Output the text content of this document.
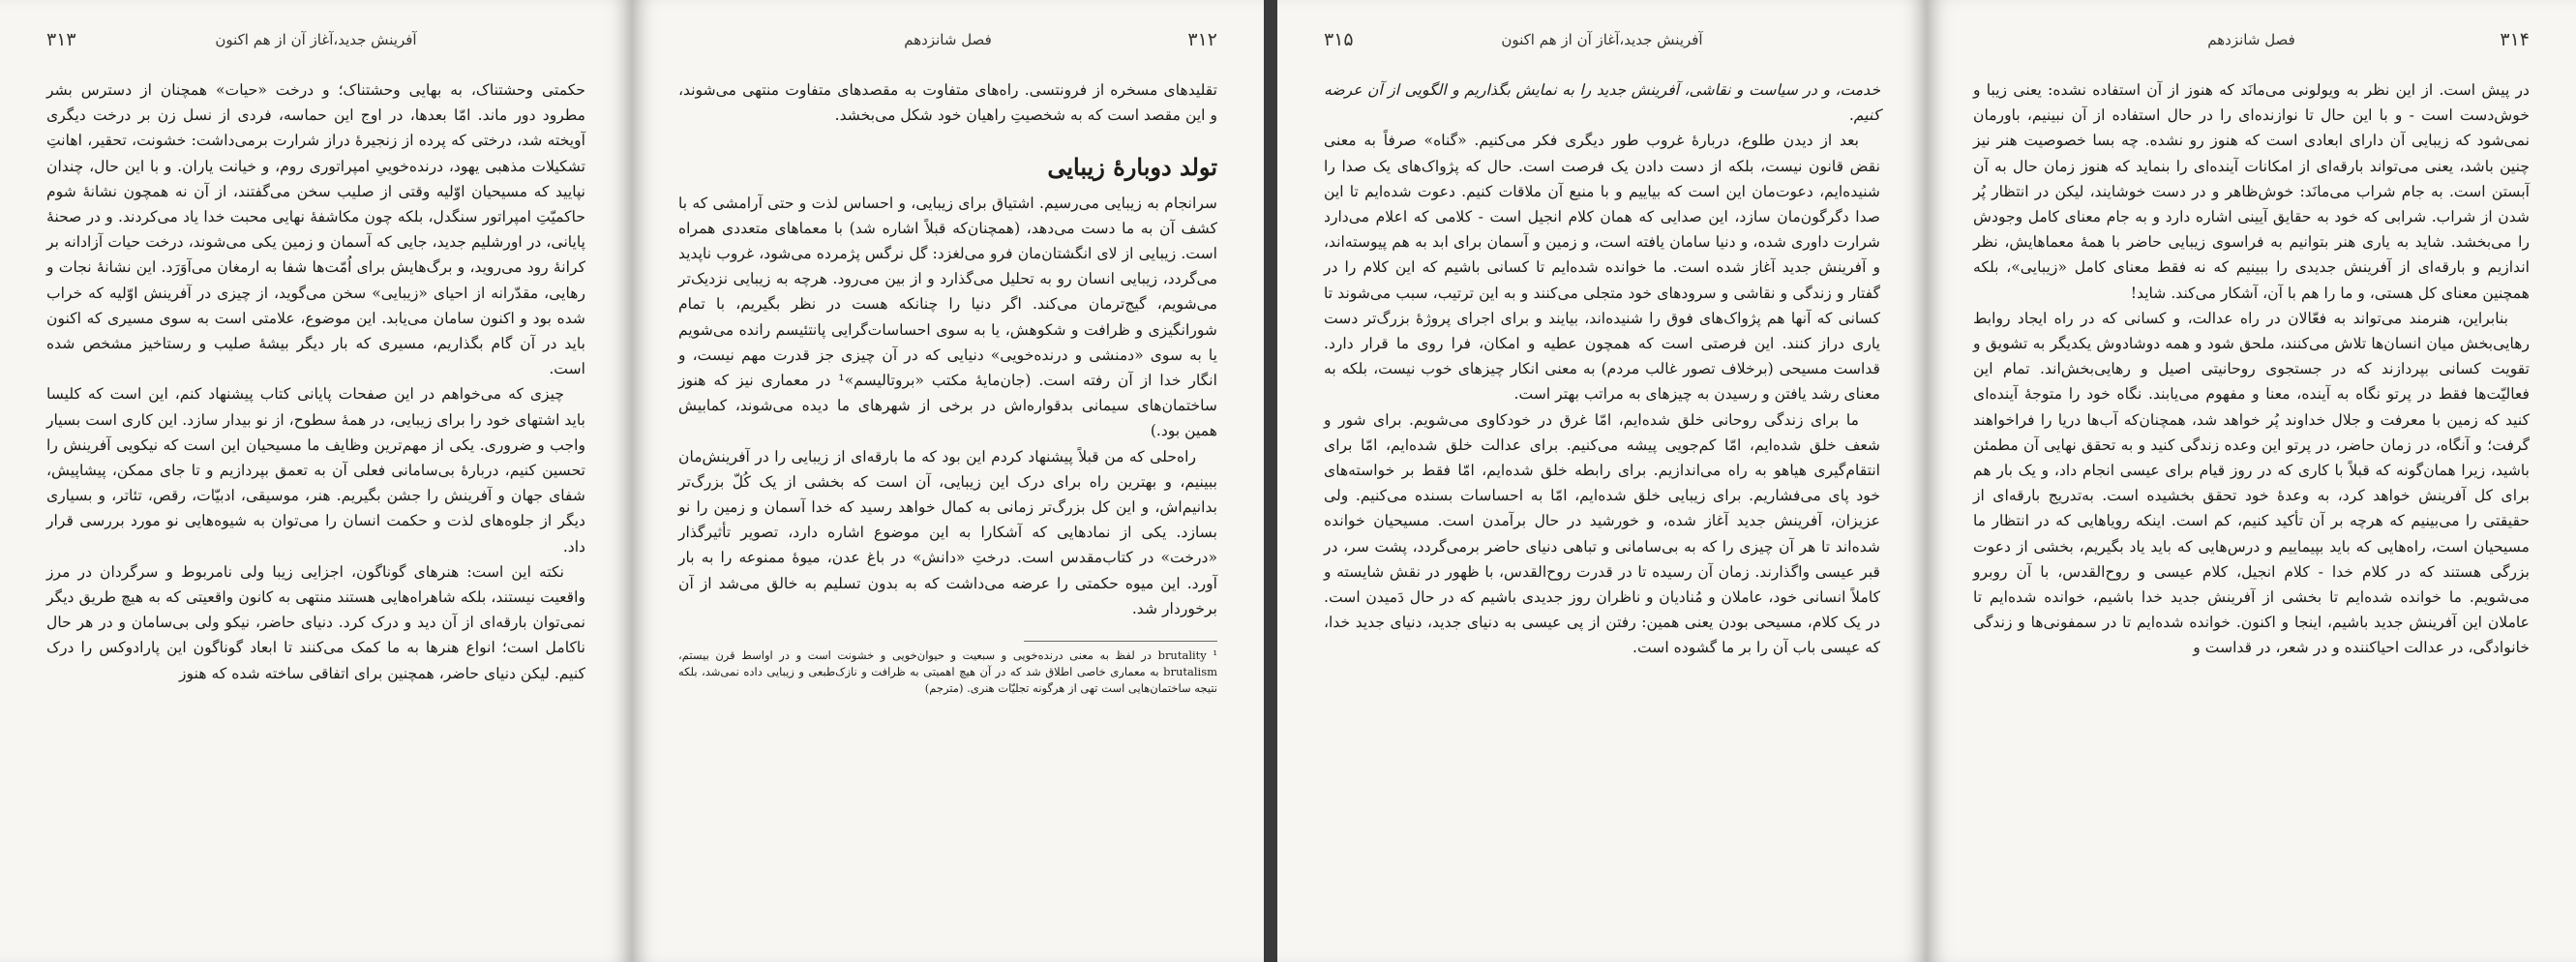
۳۱۳	آفرینش جدید،آغاز آن از هم اکنون

حکمتی وحشتناک، به بهایی وحشتناک؛ و درخت «حیات» همچنان از دسترس بشر مطرود دور ماند. امّا بعدها، در اوج این حماسه، فردی از نسل زن بر درخت دیگری آویخته شد، درختی که پرده از زنجیرهٔ دراز شرارت برمی‌داشت: خشونت، تحقیر، اهانتِ تشکیلات مذهبی یهود، درنده‌خوییِ امپراتوری روم، و خیانت یاران. و با این حال، چندان نپایید که مسیحیان اوّلیه وقتی از صلیب سخن می‌گفتند، از آن نه همچون نشانهٔ شوم حاکمیّتِ امپراتور سنگدل، بلکه چون مکاشفهٔ نهایی محبت خدا یاد می‌کردند. و در صحنهٔ پایانی، در اورشلیم جدید، جایی که آسمان و زمین یکی می‌شوند، درخت حیات آزادانه بر کرانهٔ رود می‌روید، و برگ‌هایش برای اُمّت‌ها شفا به ارمغان می‌آوَرَد. این نشانهٔ نجات و رهایی، مقدّرانه از احیای «زیبایی» سخن می‌گوید، از چیزی در آفرینش اوّلیه که خراب شده بود و اکنون سامان می‌یابد. این موضوع، علامتی است به سوی مسیری که اکنون باید در آن گام بگذاریم، مسیری که بار دیگر بیشه‌ٔ صلیب و رستاخیز مشخص شده است.

چیزی که می‌خواهم در این صفحات پایانی کتاب پیشنهاد کنم، این است که کلیسا باید اشتهای خود را برای زیبایی، در همهٔ سطوح، از نو بیدار سازد. این کاری است بسیار واجب و ضروری. یکی از مهم‌ترین وظایف ما مسیحیان این است که نیکویی آفرینش را تحسین کنیم، دربارهٔ بی‌سامانی فعلی آن به تعمق بپردازیم و تا جای ممکن، پیشاپیش، شفای جهان و آفرینش را جشن بگیریم. هنر، موسیقی، ادبیّات، رقص، تئاتر، و بسیاری دیگر از جلوه‌های لذت و حکمت انسان را می‌توان به شیوه‌هایی نو مورد بررسی قرار داد.

نکته این است: هنرهای گوناگون، اجزایی زیبا ولی نامربوط و سرگردان در مرز واقعیت نیستند، بلکه شاهراه‌هایی هستند منتهی به کانون واقعیتی که به هیچ طریق دیگر نمی‌توان بارقه‌ای از آن دید و درک کرد. دنیای حاضر، نیکو ولی بی‌سامان و در هر حال ناکامل است؛ انواع هنرها به ما کمک می‌کنند تا ابعاد گوناگون این پارادوکس را درک کنیم. لیکن دنیای حاضر، همچنین برای اتفاقی ساخته شده که هنوز

فصل شانزدهم	۳۱۲

تقلیدهای مسخره از فرونتسی. راه‌های متفاوت به مقصدهای متفاوت منتهی می‌شوند، و این مقصد است که به شخصیتِ راهیان خود شکل می‌بخشد.

تولد دوبارهٔ زیبایی

سرانجام به زیبایی می‌رسیم. اشتیاق برای زیبایی، و احساس لذت و حتی آرامشی که با کشف آن به ما دست می‌دهد، (همچنان‌که قبلاً اشاره شد) با معماهای متعددی همراه است. زیبایی از لای انگشتان‌مان فرو می‌لغزد: گل نرگس پژمرده می‌شود، غروب ناپدید می‌گردد، زیبایی انسان رو به تحلیل می‌گذارد و از بین می‌رود. هرچه به زیبایی نزدیک‌تر می‌شویم، گیج‌تر‌مان می‌کند. اگر دنیا را چنانکه هست در نظر بگیریم، با تمام شورانگیزی و ظرافت و شکوهش، یا به سوی احساسات‌گرایی پانتئیسم رانده می‌شویم یا به سوی «دمنشی و درنده‌خویی» دنیایی که در آن چیزی جز قدرت مهم نیست، و انگار خدا از آن رفته است. (جان‌مایهٔ مکتب «بروتالیسم»¹ در معماری نیز که هنوز ساختمان‌های سیمانی بدقواره‌اش در برخی از شهرهای ما دیده می‌شوند، کمابیش همین بود.)

راه‌حلی که من قبلاً پیشنهاد کردم این بود که ما بارقه‌ای از زیبایی را در آفرینش‌مان ببینیم، و بهترین راه برای درک این زیبایی، آن است که بخشی از یک کُلّ بزرگ‌تر بدانیم‌اش، و این کل بزرگ‌تر زمانی به کمال خواهد رسید که خدا آسمان و زمین را نو بسازد. یکی از نمادهایی که آشکارا به این موضوع اشاره دارد، تصویر تأثیرگذار «درخت» در کتاب‌مقدس است. درختِ «دانش» در باغ عدن، میوهٔ ممنوعه را به بار آورد. این میوه حکمتی را عرضه می‌داشت که به بدون تسلیم به خالق می‌شد از آن برخوردار شد.

¹ brutality در لفظ به معنی درنده‌خویی و سبعیت و حیوان‌خویی و خشونت است و در اواسط قرن بیستم، brutalism به معماری خاصی اطلاق شد که در آن هیچ اهمیتی به ظرافت و نازک‌طبعی و زیبایی داده نمی‌شد، بلکه نتیجه ساختمان‌هایی است تهی از هرگونه تجلیّات هنری. (مترجم)
۳۱۵	آفرینش جدید،آغاز آن از هم اکنون

خدمت، و در سیاست و نقاشی، آفرینش جدید را به نمایش بگذاریم و الگویی از آن عرضه کنیم.

بعد از دیدن طلوع، دربارهٔ غروب طور دیگری فکر می‌کنیم. «گناه» صرفاً به معنی نقض قانون نیست، بلکه از دست دادن یک فرصت است. حال که پژواک‌های یک صدا را شنیده‌ایم، دعوت‌مان این است که بیاییم و با منبع آن ملاقات کنیم. دعوت شده‌ایم تا این صدا دگرگون‌مان سازد، این صدایی که همان کلام انجیل است - کلامی که اعلام می‌دارد شرارت داوری شده، و دنیا سامان یافته است، و زمین و آسمان برای ابد به هم پیوسته‌اند، و آفرینش جدید آغاز شده است. ما خوانده شده‌ایم تا کسانی باشیم که این کلام را در گفتار و زندگی و نقاشی و سرودهای خود متجلی می‌کنند و به این ترتیب، سبب می‌شوند تا کسانی که آنها هم پژواک‌های فوق را شنیده‌اند، بیایند و برای اجرای پروژهٔ بزرگ‌تر دست یاری دراز کنند. این فرصتی است که همچون عطیه و امکان، فرا روی ما قرار دارد. قداست مسیحی (برخلاف تصور غالب مردم) به معنی انکار چیزهای خوب نیست، بلکه به معنای رشد یافتن و رسیدن به چیزهای به مراتب بهتر است.

ما برای زندگی روحانی خلق شده‌ایم، امّا غرق در خودکاوی می‌شویم. برای شور و شعف خلق شده‌ایم، امّا کم‌جویی پیشه می‌کنیم. برای عدالت خلق شده‌ایم، امّا برای انتقام‌گیری هیاهو به راه می‌اندازیم. برای رابطه خلق شده‌ایم، امّا فقط بر خواسته‌های خود پای می‌فشاریم. برای زیبایی خلق شده‌ایم، امّا به احساسات بسنده می‌کنیم. ولی عزیزان، آفرینش جدید آغاز شده، و خورشید در حال برآمدن است. مسیحیان خوانده شده‌اند تا هر آن چیزی را که به بی‌سامانی و تباهی دنیای حاضر برمی‌گردد، پشت سر، در قبر عیسی واگذارند. زمان آن رسیده تا در قدرت روح‌القدس، با ظهور در نقش شایسته و کاملاً انسانی خود، عاملان و مُنادیان و ناظران روز جدیدی باشیم که در حال دَمیدن است. در یک کلام، مسیحی بودن یعنی همین: رفتن از پی عیسی به دنیای جدید، دنیای جدید خدا، که عیسی باب آن را بر ما گشوده است.

فصل شانزدهم	۳۱۴

در پیش است. از این نظر به ویولونی می‌مانَد که هنوز از آن استفاده نشده: یعنی زیبا و خوش‌دست است - و با این حال تا نوازنده‌ای را در حال استفاده از آن نبینیم، باورمان نمی‌شود که زیبایی آن دارای ابعادی است که هنوز رو نشده. چه بسا خصوصیت هنر نیز چنین باشد، یعنی می‌تواند بارقه‌ای از امکانات آینده‌ای را بنماید که هنوز زمان حال به آن آبستن است. به جام شراب می‌مانَد: خوش‌ظاهر و در دست خوشایند، لیکن در انتظار پُر شدن از شراب. شرابی که خود به حقایق آیینی اشاره دارد و به جام معنای کامل وجودش را می‌بخشد. شاید به یاری هنر بتوانیم به فراسوی زیبایی حاضر با همهٔ معماهایش، نظر اندازیم و بارقه‌ای از آفرینش جدیدی را ببینیم که نه فقط معنای کامل «زیبایی»، بلکه همچنین معنای کل هستی، و ما را هم با آن، آشکار می‌کند. شاید!

بنابراین، هنرمند می‌تواند به فعّالان در راه عدالت، و کسانی که در راه ایجاد روابط رهایی‌بخش میان انسان‌ها تلاش می‌کنند، ملحق شود و همه دوشادوش یکدیگر به تشویق و تقویت کسانی بپردازند که در جستجوی روحانیتی اصیل و رهایی‌بخش‌اند. تمام این فعالیّت‌ها فقط در پرتو نگاه به آینده، معنا و مفهوم می‌یابند. نگاه خود را متوجهٔ آینده‌ای کنید که زمین با معرفت و جلال خداوند پُر خواهد شد، همچنان‌که آب‌ها دریا را فرا‌خواهند گرفت؛ و آنگاه، در زمان حاضر، در پرتو این وعده زندگی کنید و به تحقق نهایی آن مطمئن باشید، زیرا همان‌گونه که قبلاً با کاری که در روز قیام برای عیسی انجام داد، و یک بار هم برای کل آفرینش خواهد کرد، به وعدهٔ خود تحقق بخشیده است. به‌تدریج بارقه‌ای از حقیقتی را می‌بینیم که هرچه بر آن تأکید کنیم، کم است. اینکه رویاهایی که در انتظار ما مسیحیان است، راه‌هایی که باید بپیماییم و درس‌هایی که باید یاد بگیریم، بخشی از دعوت بزرگی هستند که در کلام خدا - کلام انجیل، کلام عیسی و روح‌القدس، با آن روبرو می‌شویم. ما خوانده شده‌ایم تا بخشی از آفرینش جدید خدا باشیم، خوانده شده‌ایم تا عاملان این آفرینش جدید باشیم، اینجا و اکنون. خوانده شده‌ایم تا در سمفونی‌ها و زندگی خانوادگی، در عدالت احیاکننده و در شعر، در قداست و
